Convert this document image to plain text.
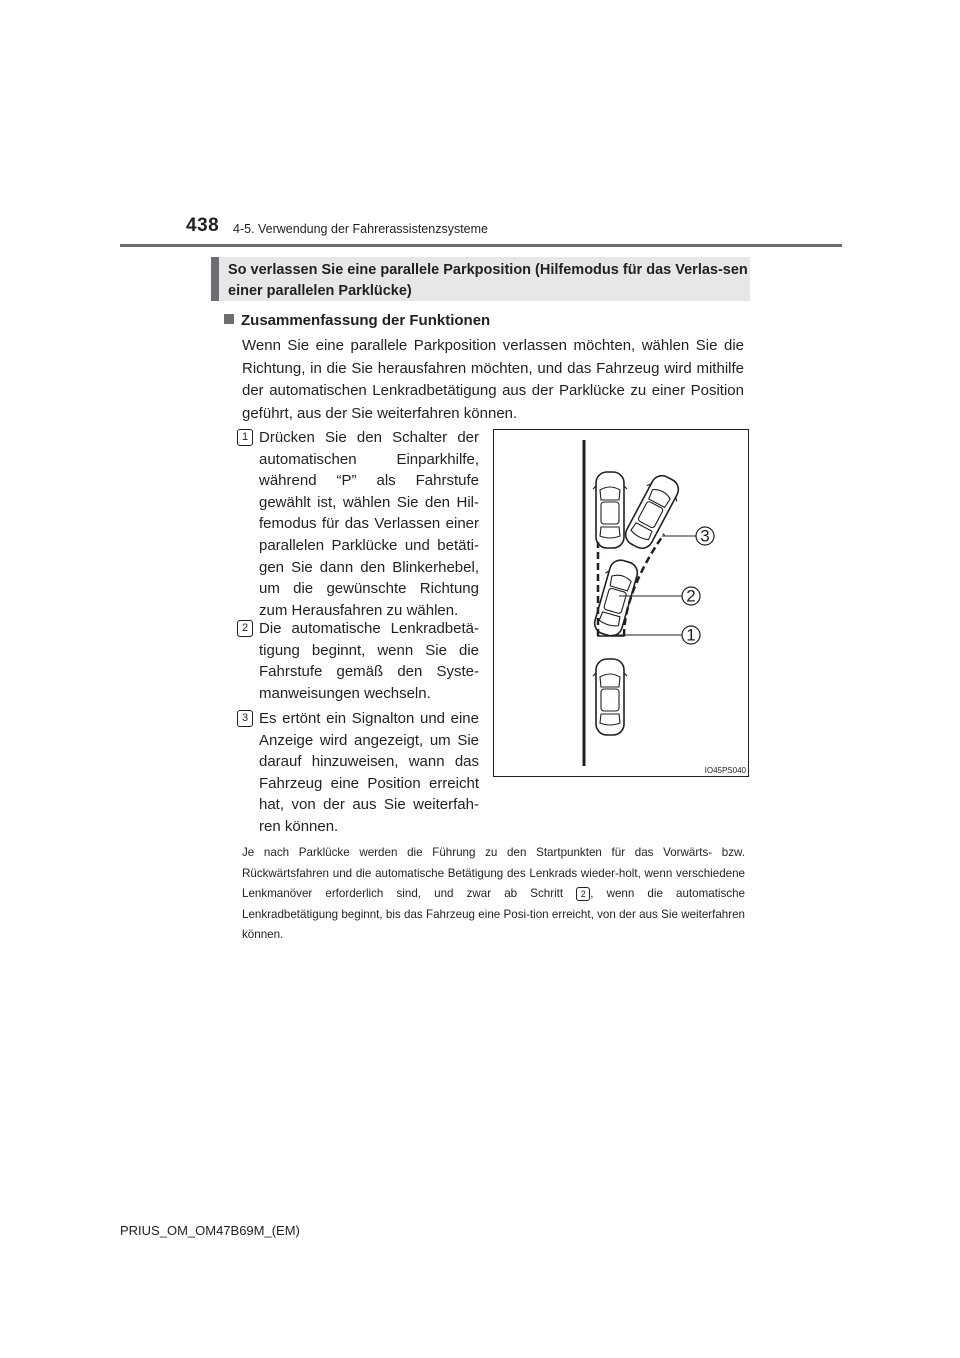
438 4-5. Verwendung der Fahrerassistenzsysteme
So verlassen Sie eine parallele Parkposition (Hilfemodus für das Verlas-sen einer parallelen Parklücke)
Zusammenfassung der Funktionen
Wenn Sie eine parallele Parkposition verlassen möchten, wählen Sie die Richtung, in die Sie herausfahren möchten, und das Fahrzeug wird mithilfe der automatischen Lenkradbetätigung aus der Parklücke zu einer Position geführt, aus der Sie weiterfahren können.
1 Drücken Sie den Schalter der automatischen Einparkhilfe, während “P” als Fahrstufe gewählt ist, wählen Sie den Hil-femodus für das Verlassen einer parallelen Parklücke und betäti-gen Sie dann den Blinkerhebel, um die gewünschte Richtung zum Herausfahren zu wählen.
2 Die automatische Lenkradbetä-tigung beginnt, wenn Sie die Fahrstufe gemäß den Syste-manweisungen wechseln.
3 Es ertönt ein Signalton und eine Anzeige wird angezeigt, um Sie darauf hinzuweisen, wann das Fahrzeug eine Position erreicht hat, von der aus Sie weiterfah-ren können.
3
2
1
IO45PS040
Je nach Parklücke werden die Führung zu den Startpunkten für das Vorwärts- bzw. Rückwärtsfahren und die automatische Betätigung des Lenkrads wieder-holt, wenn verschiedene Lenkmanöver erforderlich sind, und zwar ab Schritt 2 , wenn die automatische Lenkradbetätigung beginnt, bis das Fahrzeug eine Posi-tion erreicht, von der aus Sie weiterfahren können.
PRIUS_OM_OM47B69M_(EM)
